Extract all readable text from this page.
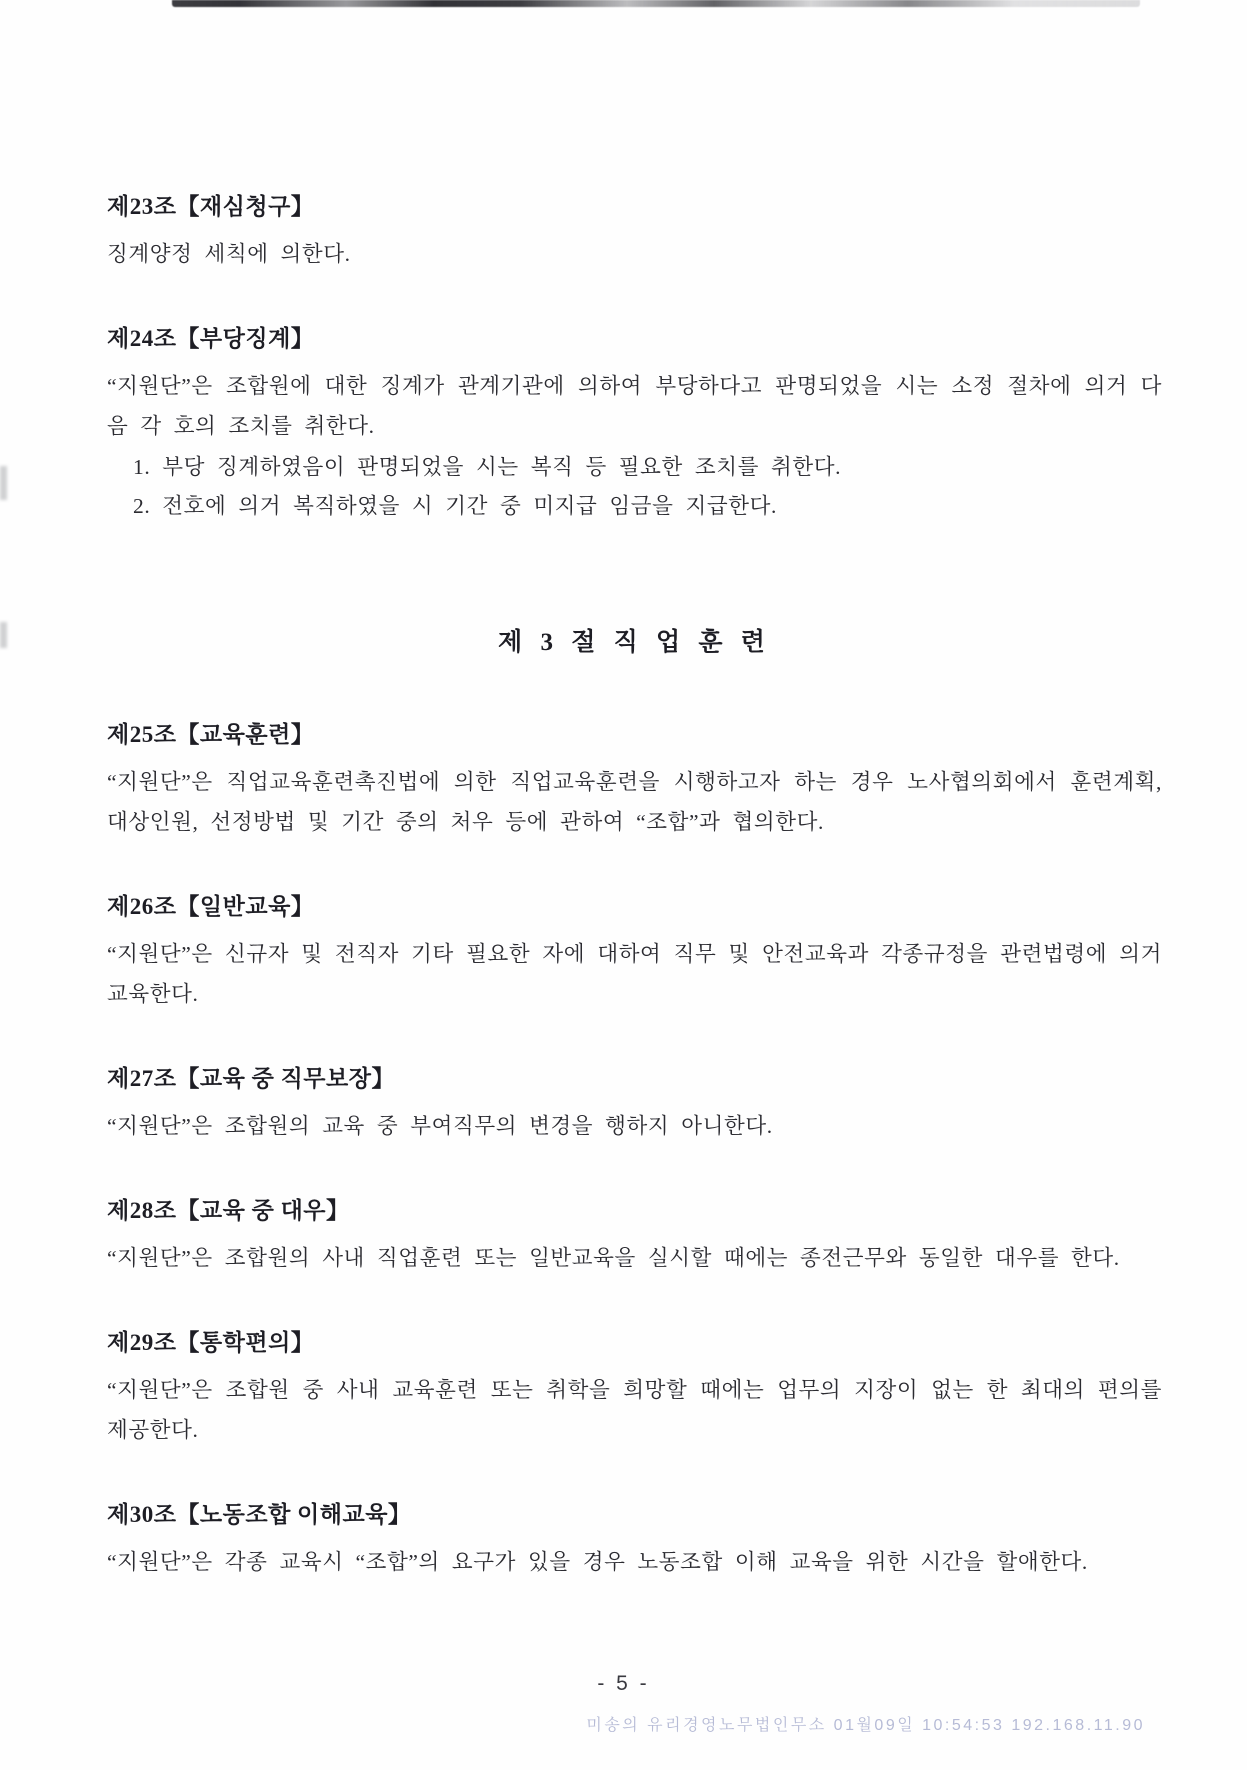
제23조【재심청구】
징계양정 세칙에 의한다.
제24조【부당징계】
“지원단”은 조합원에 대한 징계가 관계기관에 의하여 부당하다고 판명되었을 시는 소정 절차에 의거 다음 각 호의 조치를 취한다.
1. 부당 징계하였음이 판명되었을 시는 복직 등 필요한 조치를 취한다.
2. 전호에 의거 복직하였을 시 기간 중 미지급 임금을 지급한다.
제 3 절 직 업 훈 련
제25조【교육훈련】
“지원단”은 직업교육훈련촉진법에 의한 직업교육훈련을 시행하고자 하는 경우 노사협의회에서 훈련계획, 대상인원, 선정방법 및 기간 중의 처우 등에 관하여 “조합”과 협의한다.
제26조【일반교육】
“지원단”은 신규자 및 전직자 기타 필요한 자에 대하여 직무 및 안전교육과 각종규정을 관련법령에 의거 교육한다.
제27조【교육 중 직무보장】
“지원단”은 조합원의 교육 중 부여직무의 변경을 행하지 아니한다.
제28조【교육 중 대우】
“지원단”은 조합원의 사내 직업훈련 또는 일반교육을 실시할 때에는 종전근무와 동일한 대우를 한다.
제29조【통학편의】
“지원단”은 조합원 중 사내 교육훈련 또는 취학을 희망할 때에는 업무의 지장이 없는 한 최대의 편의를 제공한다.
제30조【노동조합 이해교육】
“지원단”은 각종 교육시 “조합”의 요구가 있을 경우 노동조합 이해 교육을 위한 시간을 할애한다.
- 5 -
미송의 유리경영노무법인무소 01월09일 10:54:53 192.168.11.90
